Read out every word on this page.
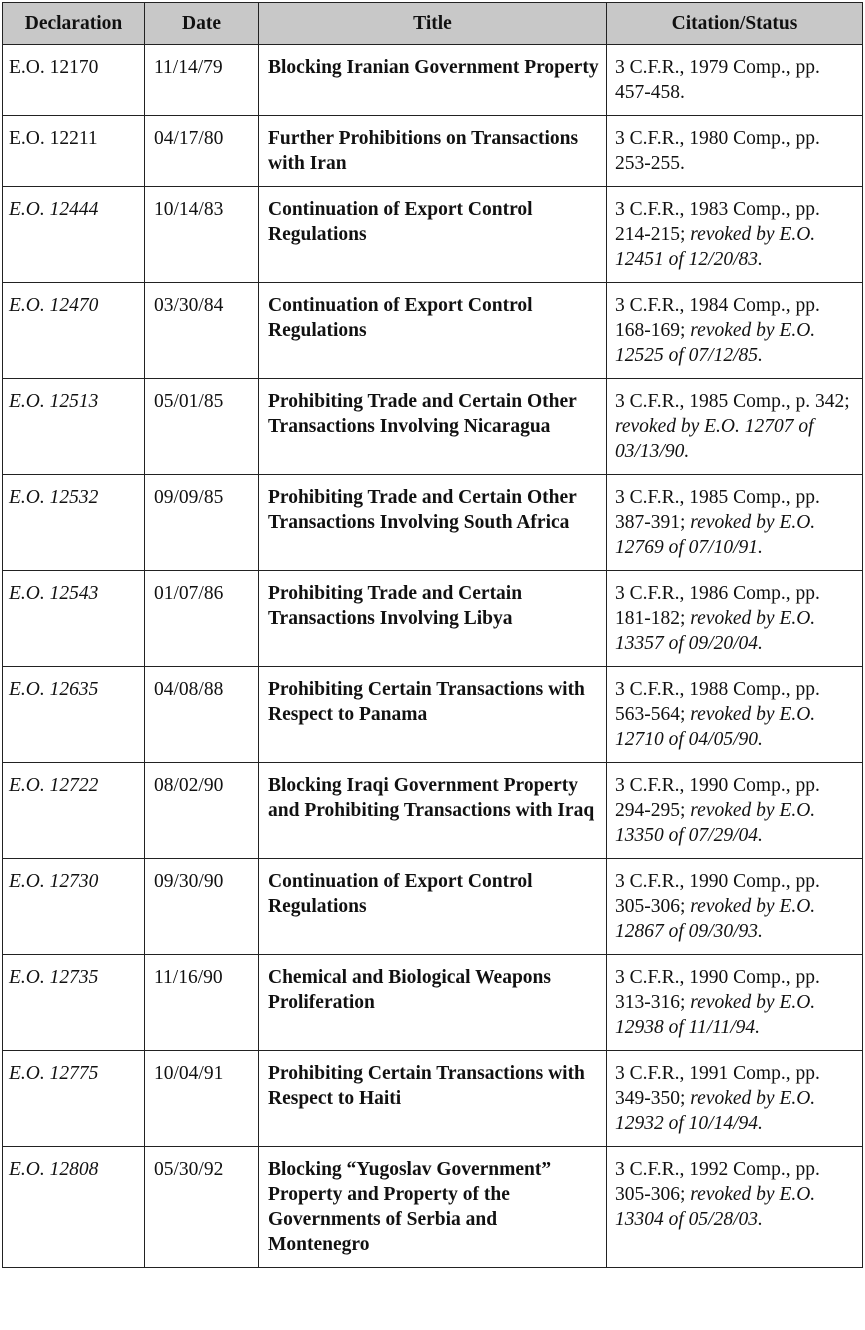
Declaration	Date	Title	Citation/Status
E.O. 12170	11/14/79	Blocking Iranian Government Property	3 C.F.R., 1979 Comp., pp. 457-458.
E.O. 12211	04/17/80	Further Prohibitions on Transactions with Iran	3 C.F.R., 1980 Comp., pp. 253-255.
E.O. 12444	10/14/83	Continuation of Export Control Regulations	3 C.F.R., 1983 Comp., pp. 214-215; revoked by E.O. 12451 of 12/20/83.
E.O. 12470	03/30/84	Continuation of Export Control Regulations	3 C.F.R., 1984 Comp., pp. 168-169; revoked by E.O. 12525 of 07/12/85.
E.O. 12513	05/01/85	Prohibiting Trade and Certain Other Transactions Involving Nicaragua	3 C.F.R., 1985 Comp., p. 342; revoked by E.O. 12707 of 03/13/90.
E.O. 12532	09/09/85	Prohibiting Trade and Certain Other Transactions Involving South Africa	3 C.F.R., 1985 Comp., pp. 387-391; revoked by E.O. 12769 of 07/10/91.
E.O. 12543	01/07/86	Prohibiting Trade and Certain Transactions Involving Libya	3 C.F.R., 1986 Comp., pp. 181-182; revoked by E.O. 13357 of 09/20/04.
E.O. 12635	04/08/88	Prohibiting Certain Transactions with Respect to Panama	3 C.F.R., 1988 Comp., pp. 563-564; revoked by E.O. 12710 of 04/05/90.
E.O. 12722	08/02/90	Blocking Iraqi Government Property and Prohibiting Transactions with Iraq	3 C.F.R., 1990 Comp., pp. 294-295; revoked by E.O. 13350 of 07/29/04.
E.O. 12730	09/30/90	Continuation of Export Control Regulations	3 C.F.R., 1990 Comp., pp. 305-306; revoked by E.O. 12867 of 09/30/93.
E.O. 12735	11/16/90	Chemical and Biological Weapons Proliferation	3 C.F.R., 1990 Comp., pp. 313-316; revoked by E.O. 12938 of 11/11/94.
E.O. 12775	10/04/91	Prohibiting Certain Transactions with Respect to Haiti	3 C.F.R., 1991 Comp., pp. 349-350; revoked by E.O. 12932 of 10/14/94.
E.O. 12808	05/30/92	Blocking “Yugoslav Government” Property and Property of the Governments of Serbia and Montenegro	3 C.F.R., 1992 Comp., pp. 305-306; revoked by E.O. 13304 of 05/28/03.
